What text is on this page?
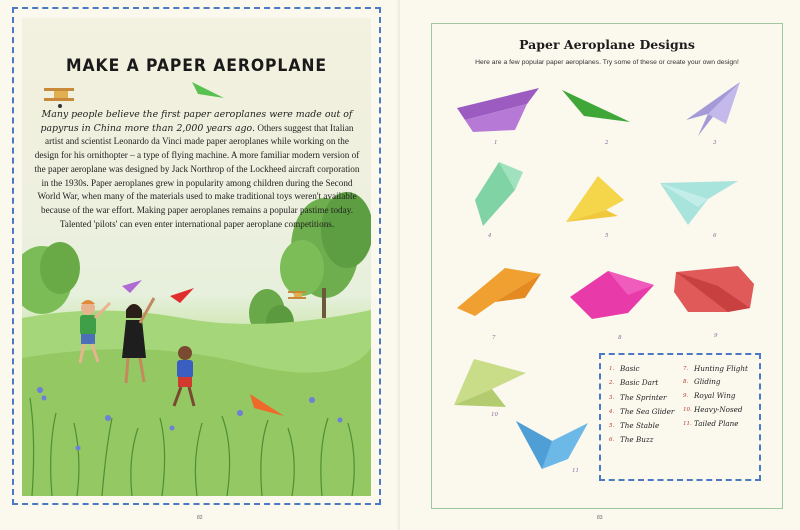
MAKE A PAPER AEROPLANE
Many people believe the first paper aeroplanes were made out of papyrus in China more than 2,000 years ago. Others suggest that Italian artist and scientist Leonardo da Vinci made paper aeroplanes while working on the design for his ornithopter – a type of flying machine. A more familiar modern version of the paper aeroplane was designed by Jack Northrop of the Lockheed aircraft corporation in the 1930s. Paper aeroplanes grew in popularity among children during the Second World War, when many of the materials used to make traditional toys weren't available because of the war effort. Making paper aeroplanes remains a popular pastime today. Talented 'pilots' can even enter international paper aeroplane competitions.
82
Paper Aeroplane Designs
Here are a few popular paper aeroplanes. Try some of these or create your own design!
1	2	3
4	5	6
7	8	9
10
11
1. Basic
2. Basic Dart
3. The Sprinter
4. The Sea Glider
5. The Stable
6. The Buzz
7. Hunting Flight
8. Gliding
9. Royal Wing
10. Heavy-Nosed
11. Tailed Plane
83
